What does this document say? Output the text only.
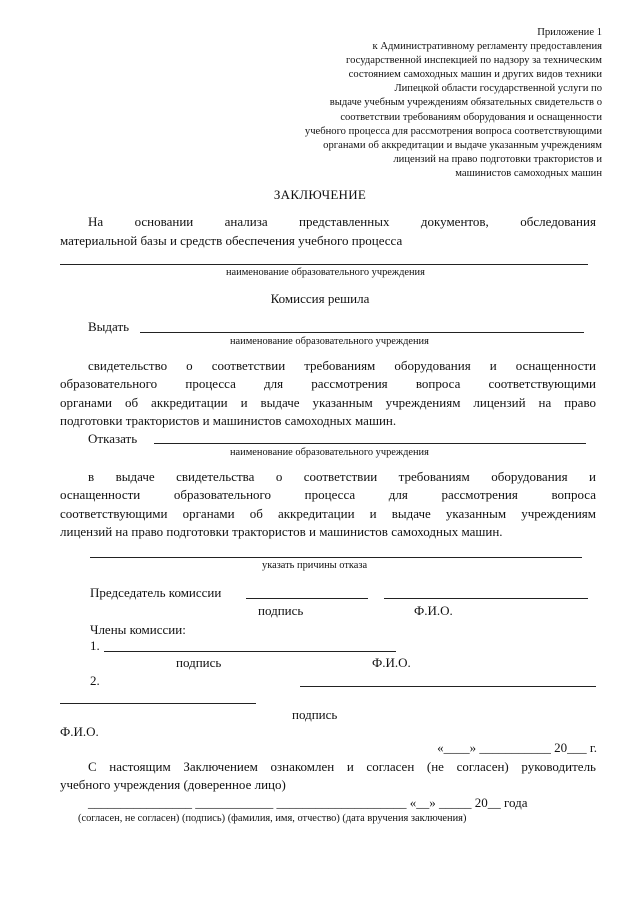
Приложение 1
к Административному регламенту предоставления
государственной инспекцией по надзору за техническим
состоянием самоходных машин и других видов техники
Липецкой области государственной услуги по
выдаче учебным учреждениям обязательных свидетельств о
соответствии требованиям оборудования и оснащенности
учебного процесса для рассмотрения вопроса соответствующими
органами об аккредитации и выдаче указанным учреждениям
лицензий на право подготовки трактористов и
машинистов самоходных машин
ЗАКЛЮЧЕНИЕ
На основании анализа представленных документов, обследования
материальной базы и средств обеспечения учебного процесса
наименование образовательного учреждения
Комиссия решила
Выдать
наименование образовательного учреждения
свидетельство о соответствии требованиям оборудования и оснащенности
образовательного процесса для рассмотрения вопроса соответствующими
органами об аккредитации и выдаче указанным учреждениям лицензий на право
подготовки трактористов и машинистов самоходных машин.
Отказать
наименование образовательного учреждения
в выдаче свидетельства о соответствии требованиям оборудования и
оснащенности образовательного процесса для рассмотрения вопроса
соответствующими органами об аккредитации и выдаче указанным учреждениям
лицензий на право подготовки трактористов и машинистов самоходных машин.
указать причины отказа
Председатель комиссии
подпись	Ф.И.О.
Члены комиссии:
1.
подпись	Ф.И.О.
2.
подпись
Ф.И.О.
«____» ___________ 20___ г.
С настоящим Заключением ознакомлен и согласен (не согласен) руководитель
учебного учреждения (доверенное лицо)
________________ ____________ ____________________ «__» _____ 20__ года
(согласен, не согласен) (подпись) (фамилия, имя, отчество) (дата вручения заключения)
